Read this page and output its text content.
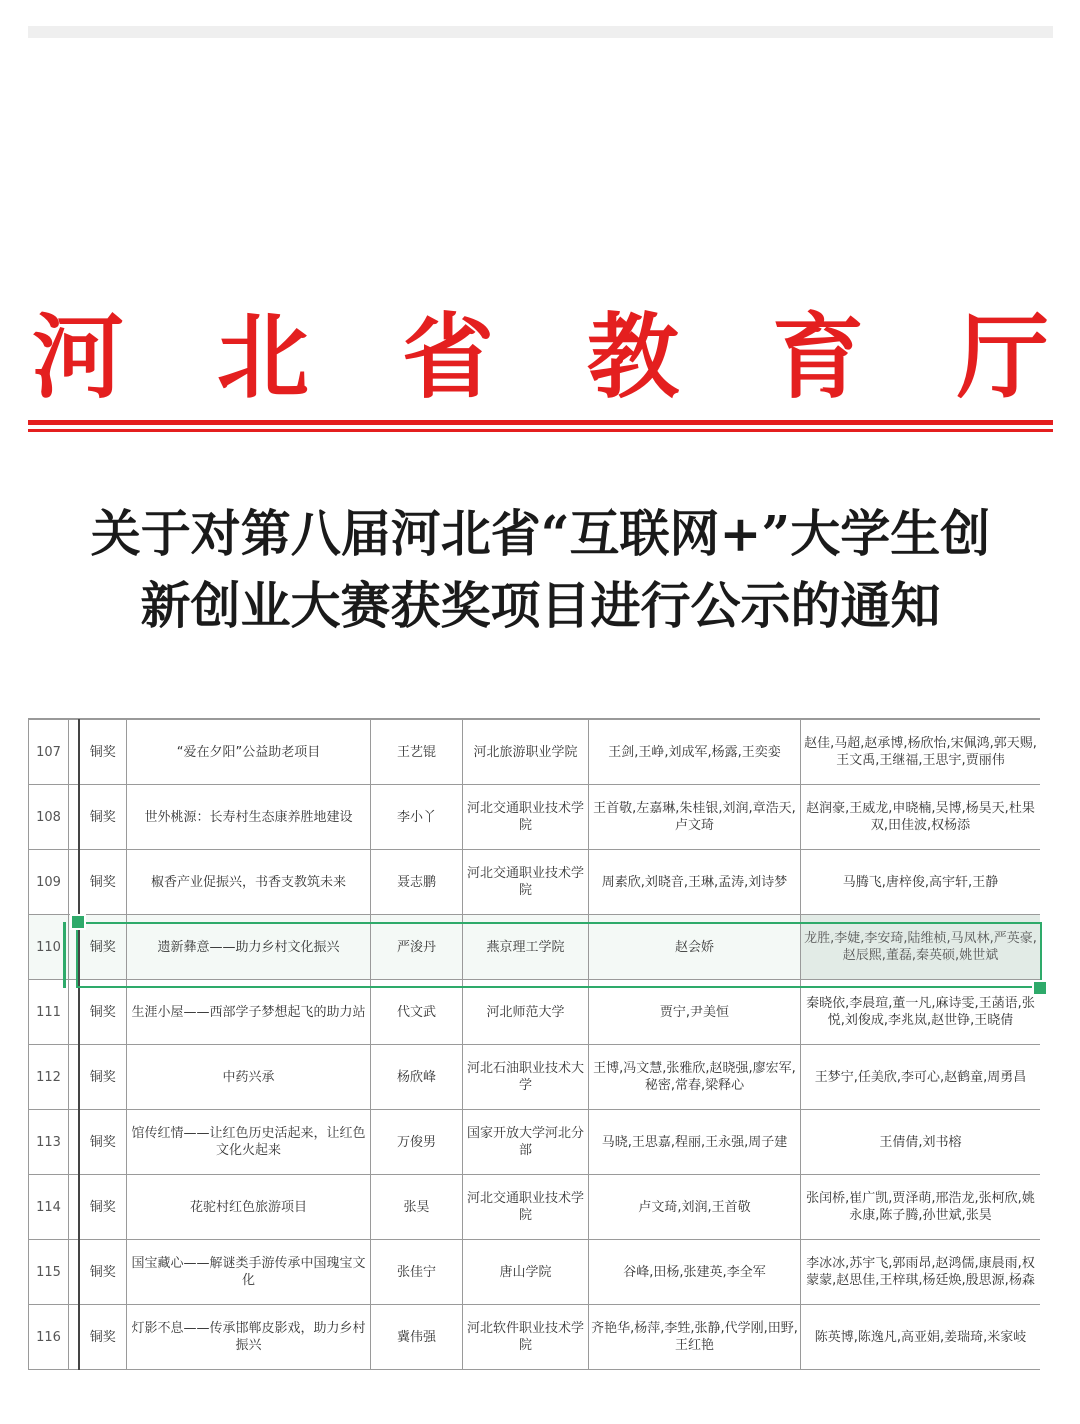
河 北 省 教 育 厅
关于对第八届河北省“互联网+”大学生创
新创业大赛获奖项目进行公示的通知
107		铜奖	“爱在夕阳”公益助老项目	王艺锟	河北旅游职业学院	王剑,王峥,刘成军,杨露,王奕娈	赵佳,马超,赵承博,杨欣怡,宋佩鸿,郭天赐,王文禹,王继福,王思宇,贾丽伟
108		铜奖	世外桃源：长寿村生态康养胜地建设	李小丫	河北交通职业技术学院	王首敬,左嘉琳,朱桂银,刘润,章浩天,卢文琦	赵润豪,王威龙,申晓楠,吴博,杨昊天,杜果双,田佳波,权杨添
109		铜奖	椒香产业促振兴，书香支教筑未来	聂志鹏	河北交通职业技术学院	周素欣,刘晓音,王琳,孟涛,刘诗梦	马腾飞,唐梓俊,高宇轩,王静
110		铜奖	遗新彝意——助力乡村文化振兴	严浚丹	燕京理工学院	赵会娇	龙胜,李婕,李安琦,陆维桢,马凤林,严英豪,赵辰熙,董磊,秦英硕,姚世斌
111		铜奖	生涯小屋——西部学子梦想起飞的助力站	代文武	河北师范大学	贾宁,尹美恒	秦晓依,李晨瑄,董一凡,麻诗雯,王菡语,张悦,刘俊成,李兆岚,赵世铮,王晓倩
112		铜奖	中药兴承	杨欣峰	河北石油职业技术大学	王博,冯文慧,张雅欣,赵晓强,廖宏军,秘密,常春,梁释心	王梦宁,任美欣,李可心,赵鹤童,周勇昌
113		铜奖	馆传红情——让红色历史活起来，让红色文化火起来	万俊男	国家开放大学河北分部	马晓,王思嘉,程丽,王永强,周子建	王倩倩,刘书榕
114		铜奖	花驼村红色旅游项目	张昊	河北交通职业技术学院	卢文琦,刘润,王首敬	张闰桥,崔广凯,贾泽萌,邢浩龙,张柯欣,姚永康,陈子腾,孙世斌,张昊
115		铜奖	国宝藏心——解谜类手游传承中国瑰宝文化	张佳宁	唐山学院	谷峰,田杨,张建英,李全军	李冰冰,苏宇飞,郭雨昂,赵鸿儒,康晨雨,权蒙蒙,赵思佳,王梓琪,杨廷焕,殷思源,杨森
116		铜奖	灯影不息——传承邯郸皮影戏，助力乡村振兴	冀伟强	河北软件职业技术学院	齐艳华,杨萍,李甡,张静,代学刚,田野,王红艳	陈英博,陈逸凡,高亚娟,姜瑞琦,米家岐
